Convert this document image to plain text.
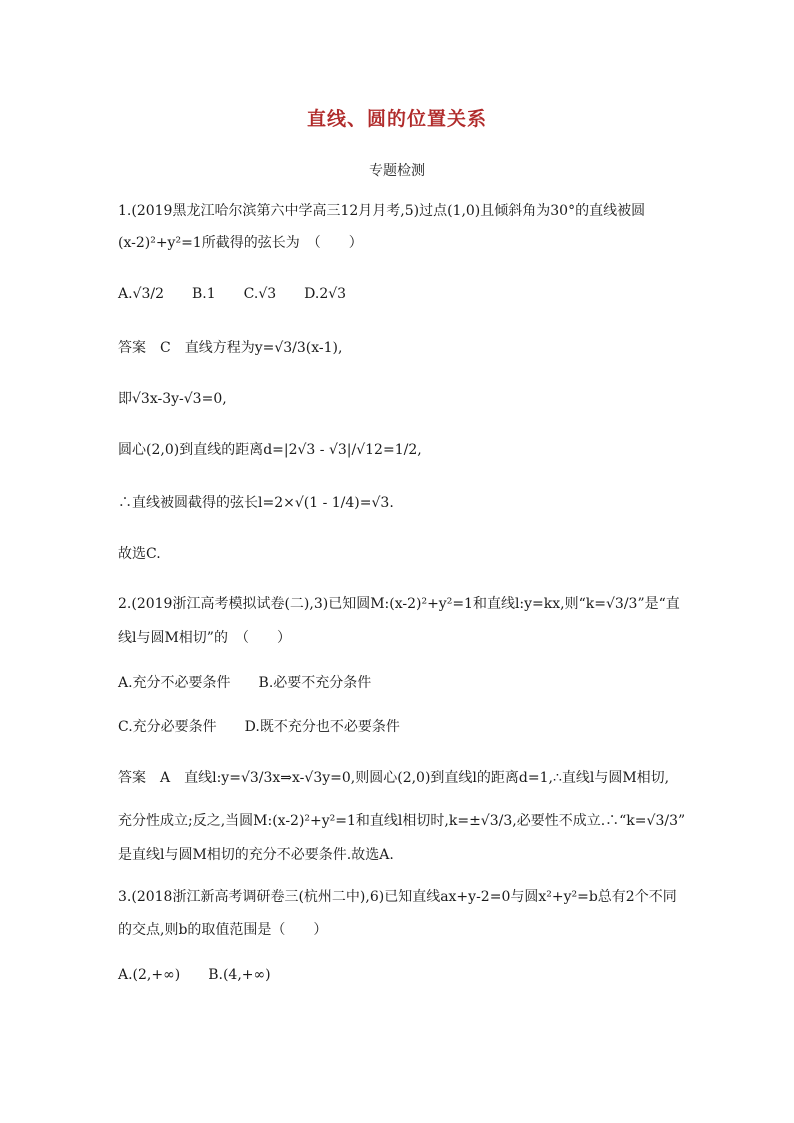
直线、圆的位置关系
专题检测
1.(2019黑龙江哈尔滨第六中学高三12月月考,5)过点(1,0)且倾斜角为30°的直线被圆
(x-2)²+y²=1所截得的弦长为　（　　）
A.√3/2　　B.1　　C.√3　　D.2√3
答案　C　直线方程为y=√3/3(x-1),
即√3x-3y-√3=0,
圆心(2,0)到直线的距离d=|2√3 - √3|/√12=1/2,
∴直线被圆截得的弦长l=2×√(1 - 1/4)=√3.
故选C.
2.(2019浙江高考模拟试卷(二),3)已知圆M:(x-2)²+y²=1和直线l:y=kx,则“k=√3/3”是“直
线l与圆M相切”的　（　　）
A.充分不必要条件　　B.必要不充分条件
C.充分必要条件　　D.既不充分也不必要条件
答案　A　直线l:y=√3/3x⇒x-√3y=0,则圆心(2,0)到直线l的距离d=1,∴直线l与圆M相切,
充分性成立;反之,当圆M:(x-2)²+y²=1和直线l相切时,k=±√3/3,必要性不成立.∴“k=√3/3”
是直线l与圆M相切的充分不必要条件.故选A.
3.(2018浙江新高考调研卷三(杭州二中),6)已知直线ax+y-2=0与圆x²+y²=b总有2个不同
的交点,则b的取值范围是（　　）
A.(2,+∞)　　B.(4,+∞)
